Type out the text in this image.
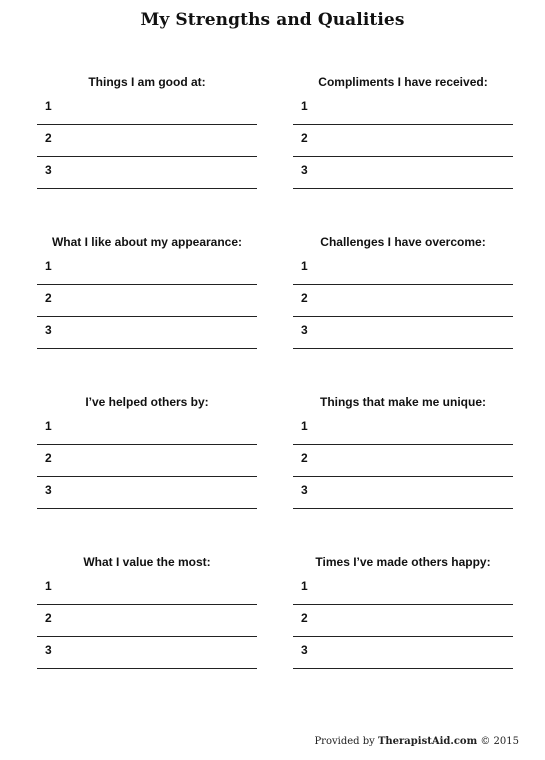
My Strengths and Qualities
Things I am good at:
1
2
3
Compliments I have received:
1
2
3
What I like about my appearance:
1
2
3
Challenges I have overcome:
1
2
3
I’ve helped others by:
1
2
3
Things that make me unique:
1
2
3
What I value the most:
1
2
3
Times I’ve made others happy:
1
2
3
Provided by TherapistAid.com © 2015
